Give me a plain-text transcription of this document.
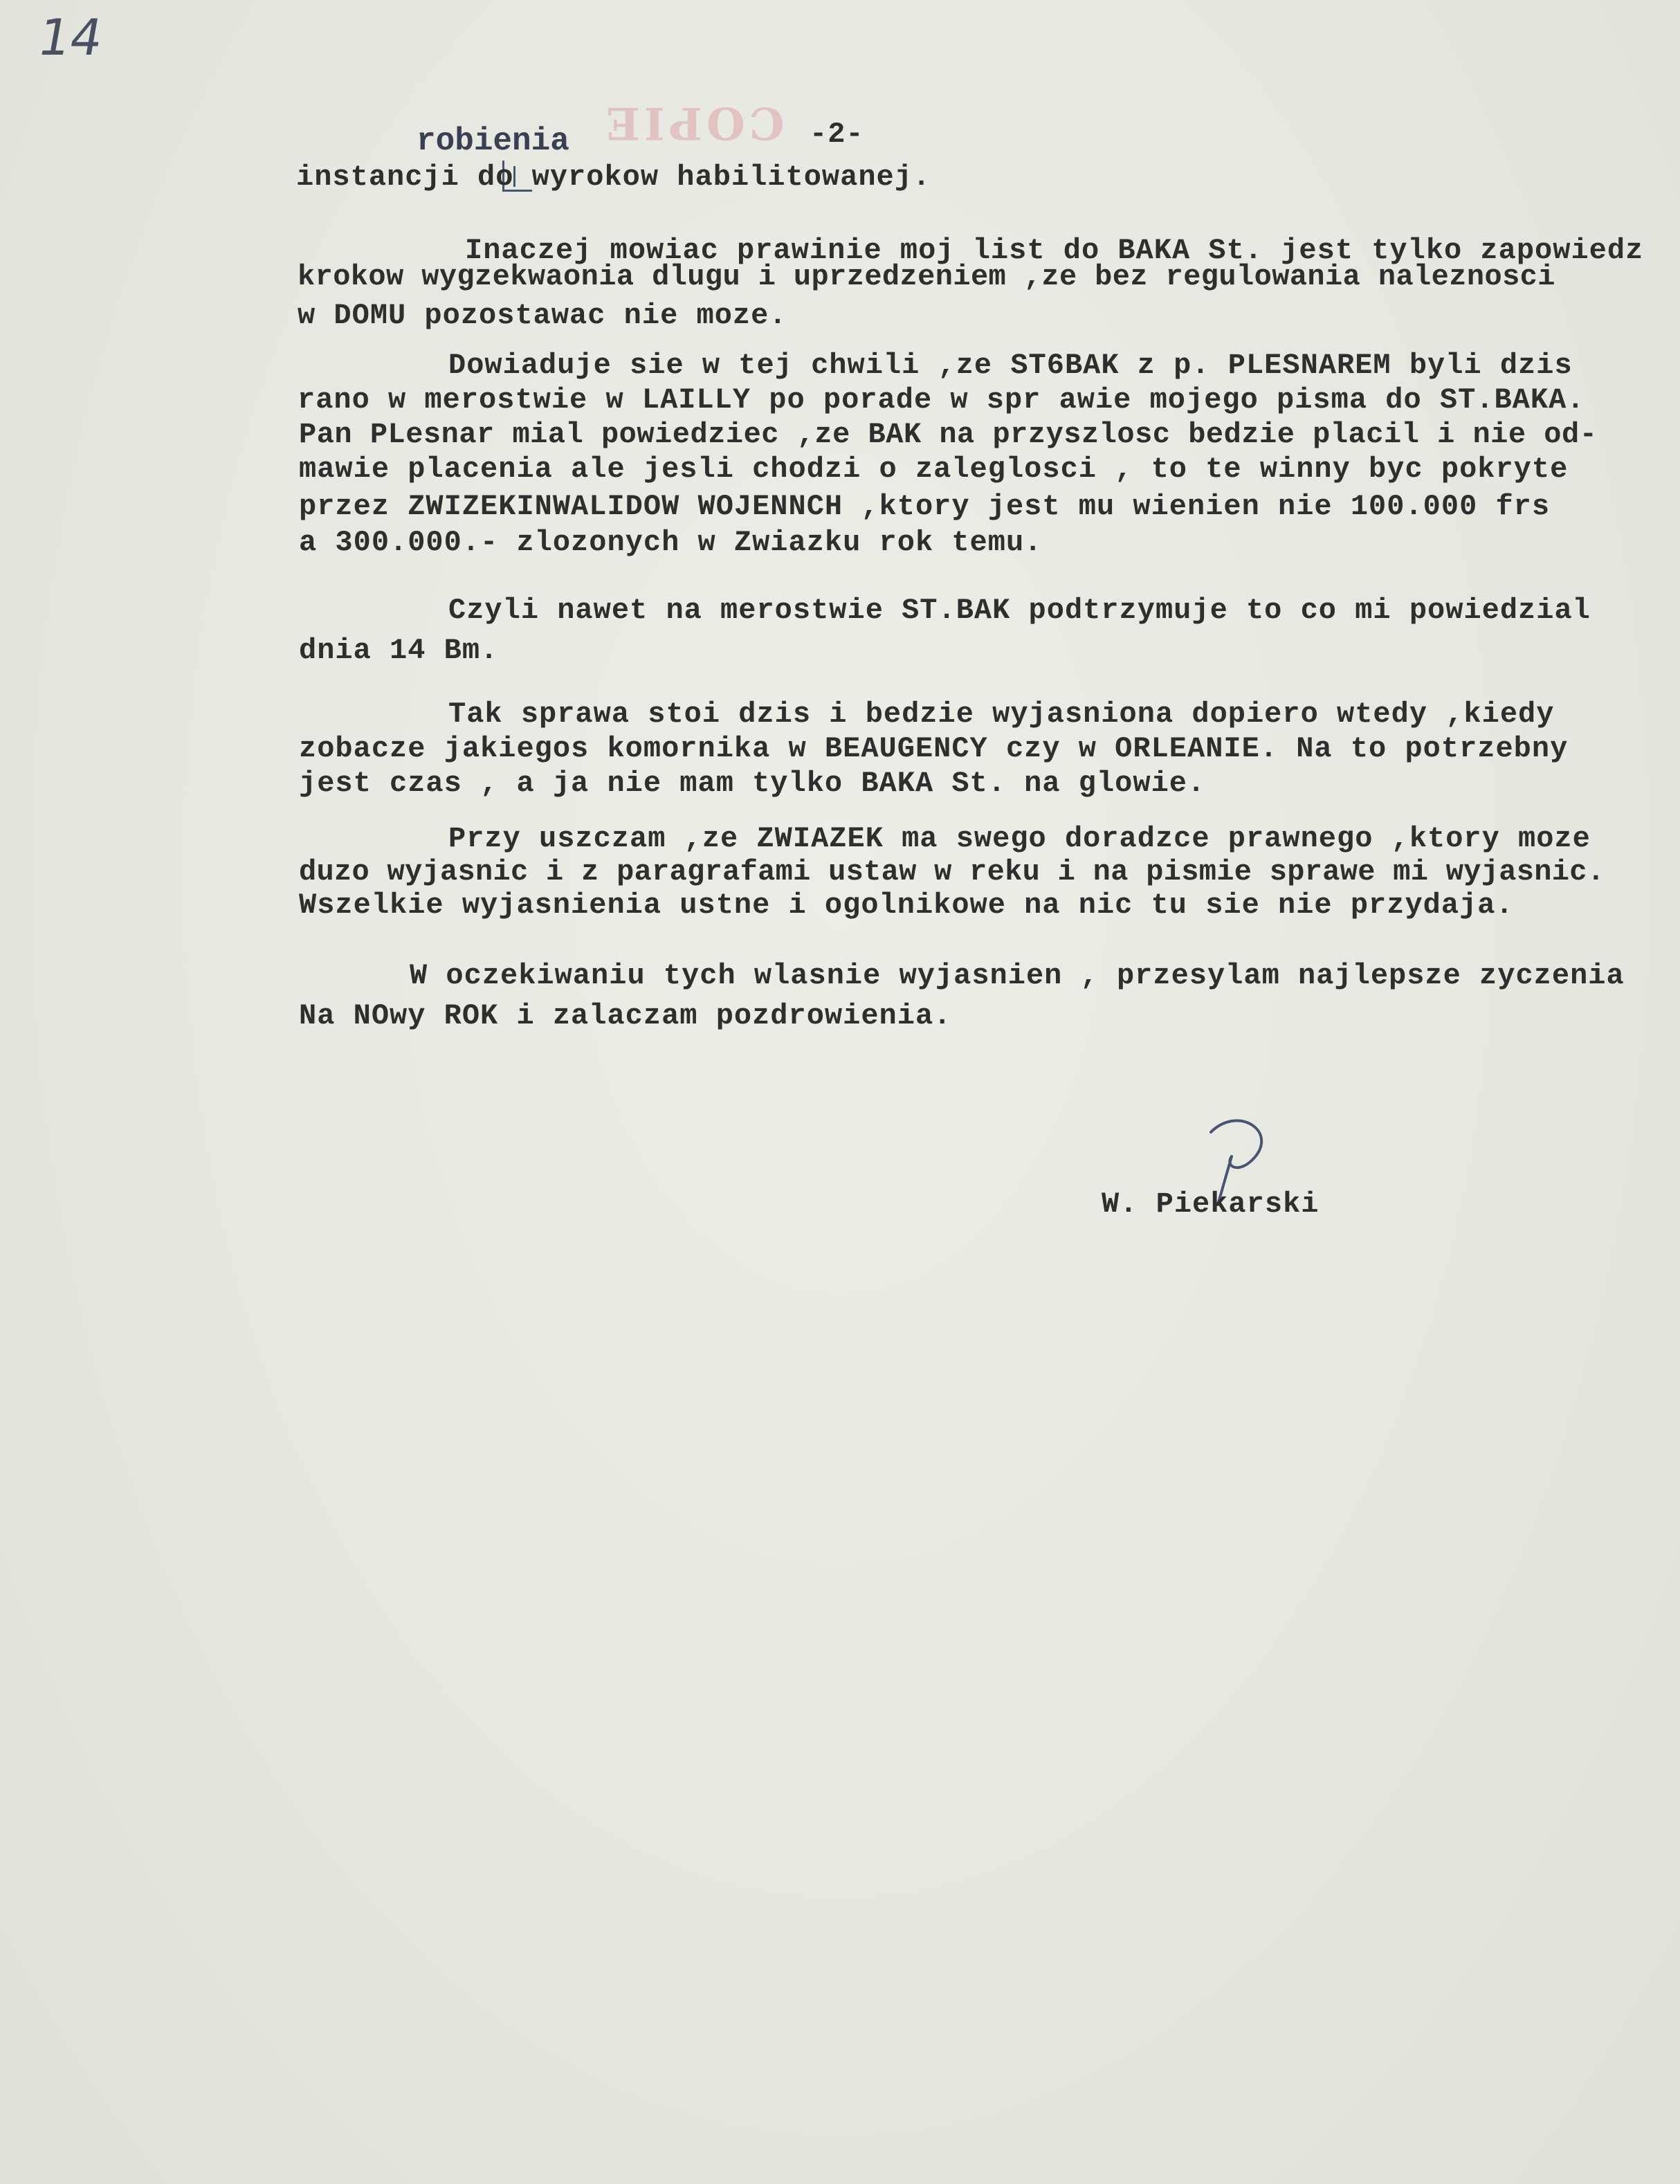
14
COPIE -2-
robienia
instancji do wyrokow habilitowanej.
Inaczej mowiac prawinie moj list do BAKA St. jest tylko zapowiedz
krokow wygzekwaonia dlugu i uprzedzeniem ,ze bez regulowania naleznosci
w DOMU pozostawac nie moze.
Dowiaduje sie w tej chwili ,ze ST6BAK z p. PLESNAREM byli dzis
rano w merostwie w LAILLY po porade w spr awie mojego pisma do ST.BAKA.
Pan PLesnar mial powiedziec ,ze BAK na przyszlosc bedzie placil i nie od-
mawie placenia ale jesli chodzi o zaleglosci , to te winny byc pokryte
przez ZWIZEKINWALIDOW WOJENNCH ,ktory jest mu wienien nie 100.000 frs
a 300.000.- zlozonych w Zwiazku rok temu.
Czyli nawet na merostwie ST.BAK podtrzymuje to co mi powiedzial
dnia 14 Bm.
Tak sprawa stoi dzis i bedzie wyjasniona dopiero wtedy ,kiedy
zobacze jakiegos komornika w BEAUGENCY czy w ORLEANIE. Na to potrzebny
jest czas , a ja nie mam tylko BAKA St. na glowie.
Przy uszczam ,ze ZWIAZEK ma swego doradzce prawnego ,ktory moze
duzo wyjasnic i z paragrafami ustaw w reku i na pismie sprawe mi wyjasnic.
Wszelkie wyjasnienia ustne i ogolnikowe na nic tu sie nie przydaja.
W oczekiwaniu tych wlasnie wyjasnien , przesylam najlepsze zyczenia
Na NOwy ROK i zalaczam pozdrowienia.
W. Piekarski
